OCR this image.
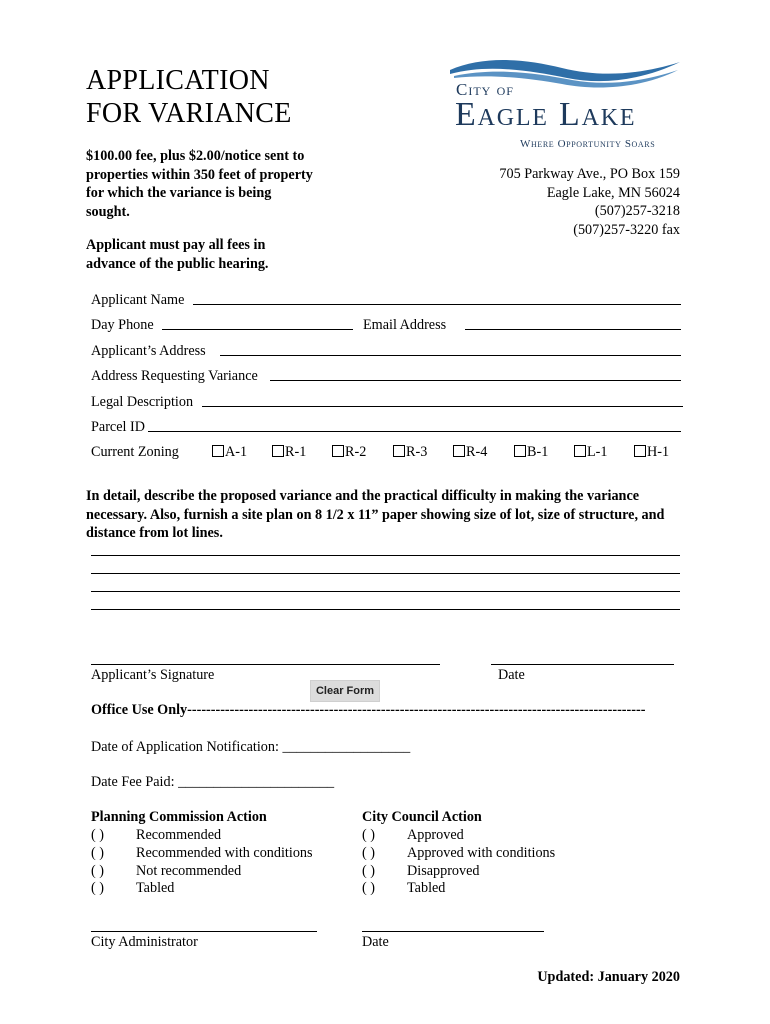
APPLICATION
FOR VARIANCE
$100.00 fee, plus $2.00/notice sent to properties within 350 feet of property for which the variance is being sought.
Applicant must pay all fees in advance of the public hearing.
City of
Eagle Lake
Where Opportunity Soars
705 Parkway Ave., PO Box 159
Eagle Lake, MN 56024
(507)257-3218
(507)257-3220 fax
Applicant Name
Day Phone	Email Address
Applicant’s Address
Address Requesting Variance
Legal Description
Parcel ID
Current Zoning	A-1	R-1	R-2	R-3	R-4	B-1	L-1	H-1
In detail, describe the proposed variance and the practical difficulty in making the variance necessary. Also, furnish a site plan on 8 1/2 x 11” paper showing size of lot, size of structure, and distance from lot lines.
Applicant’s Signature	Date
Clear Form
Office Use Only-------------------------------------------------------------------------------------------------
Date of Application Notification: __________________
Date Fee Paid: ______________________
Planning Commission Action
( ) Recommended
( ) Recommended with conditions
( ) Not recommended
( ) Tabled
City Council Action
( ) Approved
( ) Approved with conditions
( ) Disapproved
( ) Tabled
City Administrator	Date
Updated: January 2020
